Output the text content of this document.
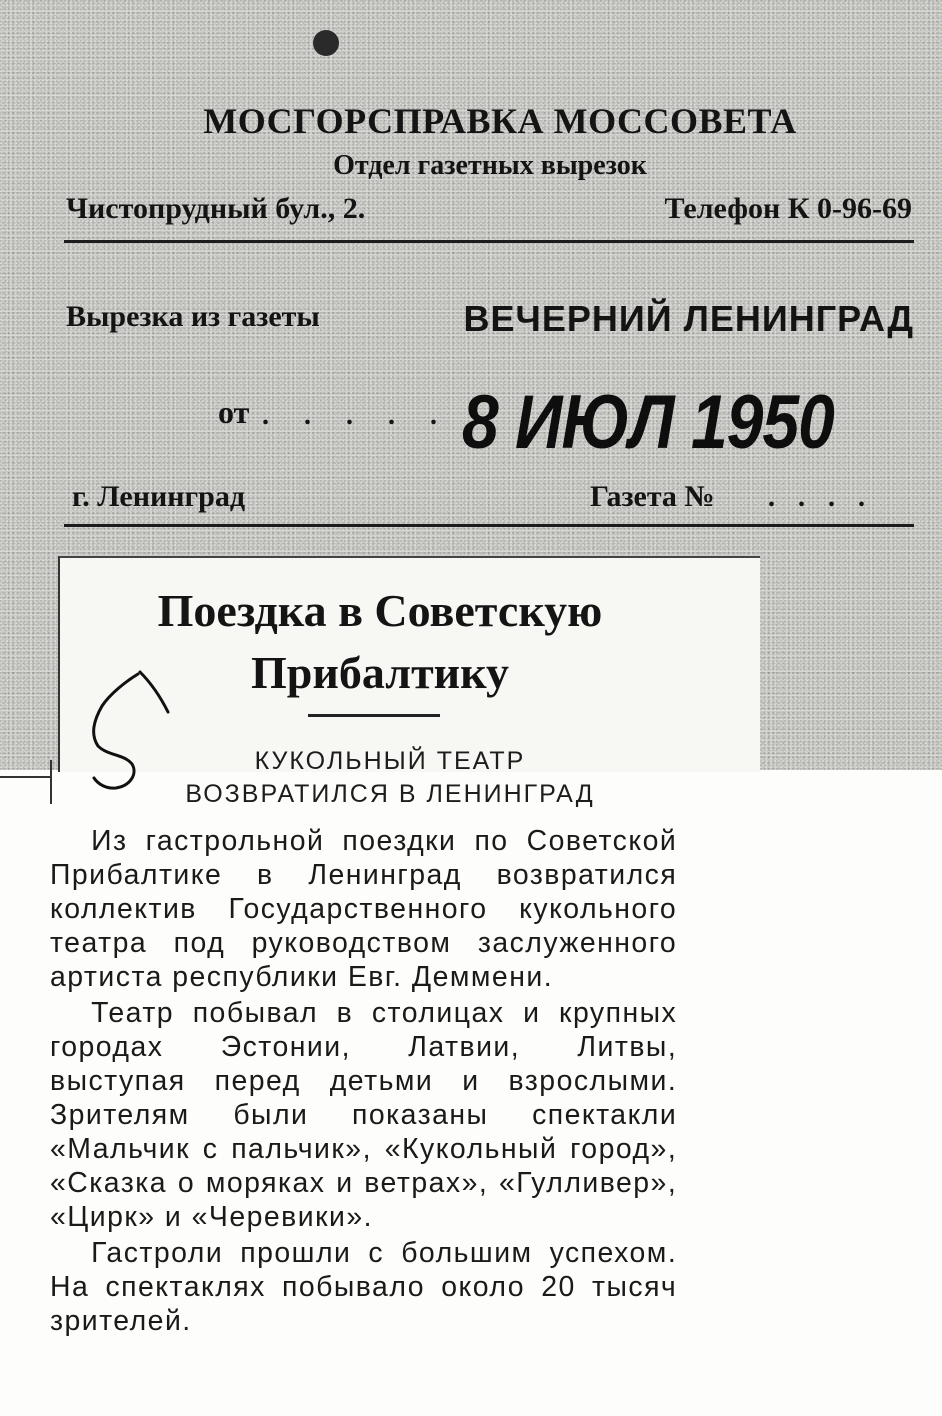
МОСГОРСПРАВКА МОССОВЕТА
Отдел газетных вырезок
Чистопрудный бул., 2.	Телефон К 0-96-69
Вырезка из газеты	ВЕЧЕРНИЙ ЛЕНИНГРАД
от . . . . . .
8 ИЮЛ 1950
г. Ленинград	Газета № . . . .
Поездка в Советскую Прибалтику

КУКОЛЬНЫЙ ТЕАТР
ВОЗВРАТИЛСЯ В ЛЕНИНГРАД

Из гастрольной поездки по Советской Прибалтике в Ленинград возвратился коллектив Государственного кукольного театра под руководством заслуженного артиста республики Евг. Деммени.

Театр побывал в столицах и крупных городах Эстонии, Латвии, Литвы, выступая перед детьми и взрослыми. Зрителям были показаны спектакли «Мальчик с пальчик», «Кукольный город», «Сказка о моряках и ветрах», «Гулливер», «Цирк» и «Черевики».

Гастроли прошли с большим успехом. На спектаклях побывало около 20 тысяч зрителей.
